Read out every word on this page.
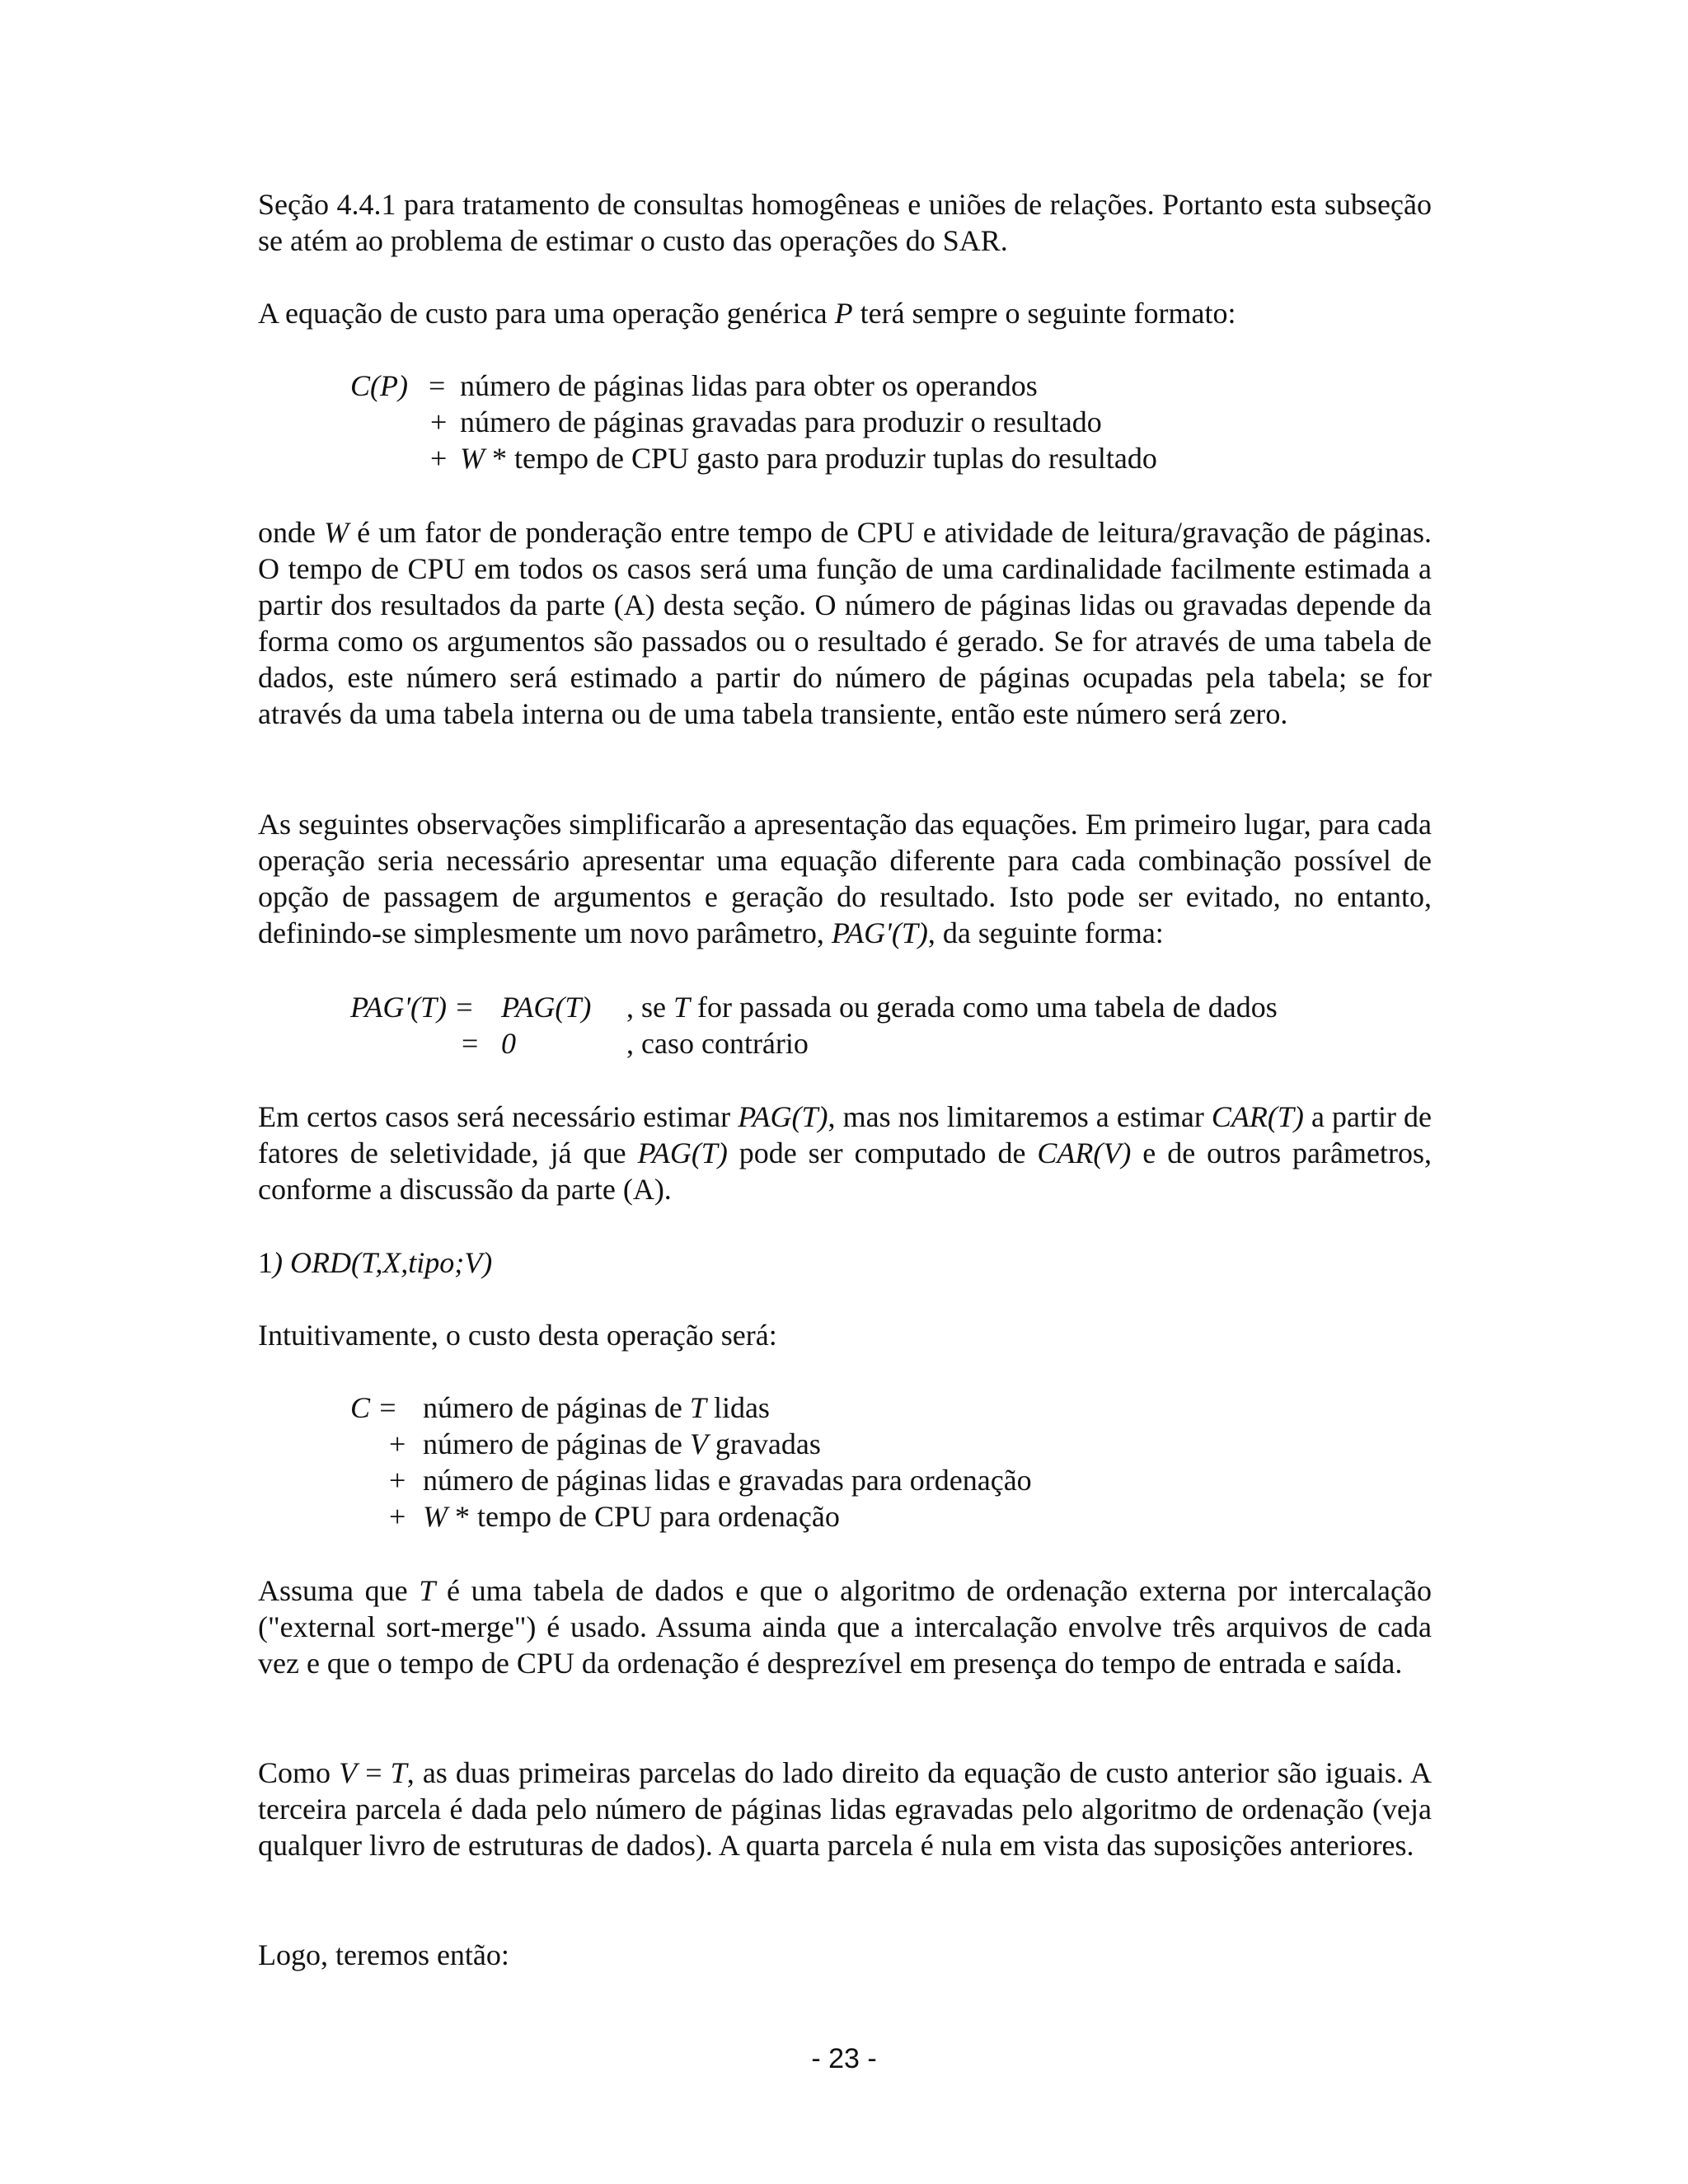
Seção 4.4.1 para tratamento de consultas homogêneas e uniões de relações. Portanto esta subseção se atém ao problema de estimar o custo das operações do SAR.
A equação de custo para uma operação genérica P terá sempre o seguinte formato:
C(P) = número de páginas lidas para obter os operandos
+ número de páginas gravadas para produzir o resultado
+ W * tempo de CPU gasto para produzir tuplas do resultado
onde W é um fator de ponderação entre tempo de CPU e atividade de leitura/gravação de páginas. O tempo de CPU em todos os casos será uma função de uma cardinalidade facilmente estimada a partir dos resultados da parte (A) desta seção. O número de páginas lidas ou gravadas depende da forma como os argumentos são passados ou o resultado é gerado. Se for através de uma tabela de dados, este número será estimado a partir do número de páginas ocupadas pela tabela; se for através da uma tabela interna ou de uma tabela transiente, então este número será zero.
As seguintes observações simplificarão a apresentação das equações. Em primeiro lugar, para cada operação seria necessário apresentar uma equação diferente para cada combinação possível de opção de passagem de argumentos e geração do resultado. Isto pode ser evitado, no entanto, definindo-se simplesmente um novo parâmetro, PAG'(T), da seguinte forma:
PAG'(T) = PAG(T) , se T for passada ou gerada como uma tabela de dados
= 0	, caso contrário
Em certos casos será necessário estimar PAG(T), mas nos limitaremos a estimar CAR(T) a partir de fatores de seletividade, já que PAG(T) pode ser computado de CAR(V) e de outros parâmetros, conforme a discussão da parte (A).
1) ORD(T,X,tipo;V)
Intuitivamente, o custo desta operação será:
C = número de páginas de T lidas
+ número de páginas de V gravadas
+ número de páginas lidas e gravadas para ordenação
+ W * tempo de CPU para ordenação
Assuma que T é uma tabela de dados e que o algoritmo de ordenação externa por intercalação ("external sort-merge") é usado. Assuma ainda que a intercalação envolve três arquivos de cada vez e que o tempo de CPU da ordenação é desprezível em presença do tempo de entrada e saída.
Como V = T, as duas primeiras parcelas do lado direito da equação de custo anterior são iguais. A terceira parcela é dada pelo número de páginas lidas egravadas pelo algoritmo de ordenação (veja qualquer livro de estruturas de dados). A quarta parcela é nula em vista das suposições anteriores.
Logo, teremos então:
- 23 -
